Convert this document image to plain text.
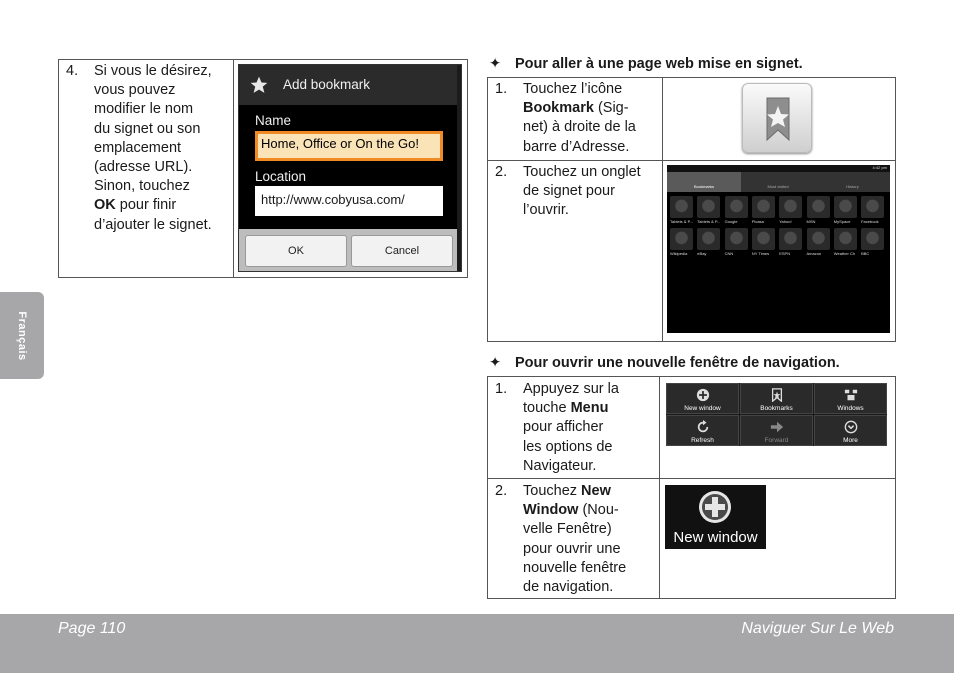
Français
4. Si vous le désirez,
vous pouvez
modifier le nom
du signet ou son
emplacement
(adresse URL).
Sinon, touchez
OK pour finir
d’ajouter le signet.
Add bookmark
Name
Home, Office or On the Go!
Location
http://www.cobyusa.com/
OK	Cancel
✦ Pour aller à une page web mise en signet.
1. Touchez l’icône
Bookmark (Sig-
net) à droite de la
barre d’Adresse.
2. Touchez un onglet
de signet pour
l’ouvrir.
4:42 pm
Bookmarks	Most visited	History
Tablets & P... Tablets & P... Google	Picasa	Yahoo!	MSN	MySpace	Facebook
Wikipedia eBay	CNN	NY Times	ESPN	Amazon	Weather Ch BBC
✦ Pour ouvrir une nouvelle fenêtre de navigation.
1. Appuyez sur la
touche Menu
pour afficher
les options de
Navigateur.
New window	Bookmarks	Windows
Refresh	Forward	More
2. Touchez New
Window (Nou-
velle Fenêtre)
pour ouvrir une
nouvelle fenêtre
de navigation.
New window
Page 110	Naviguer Sur Le Web
